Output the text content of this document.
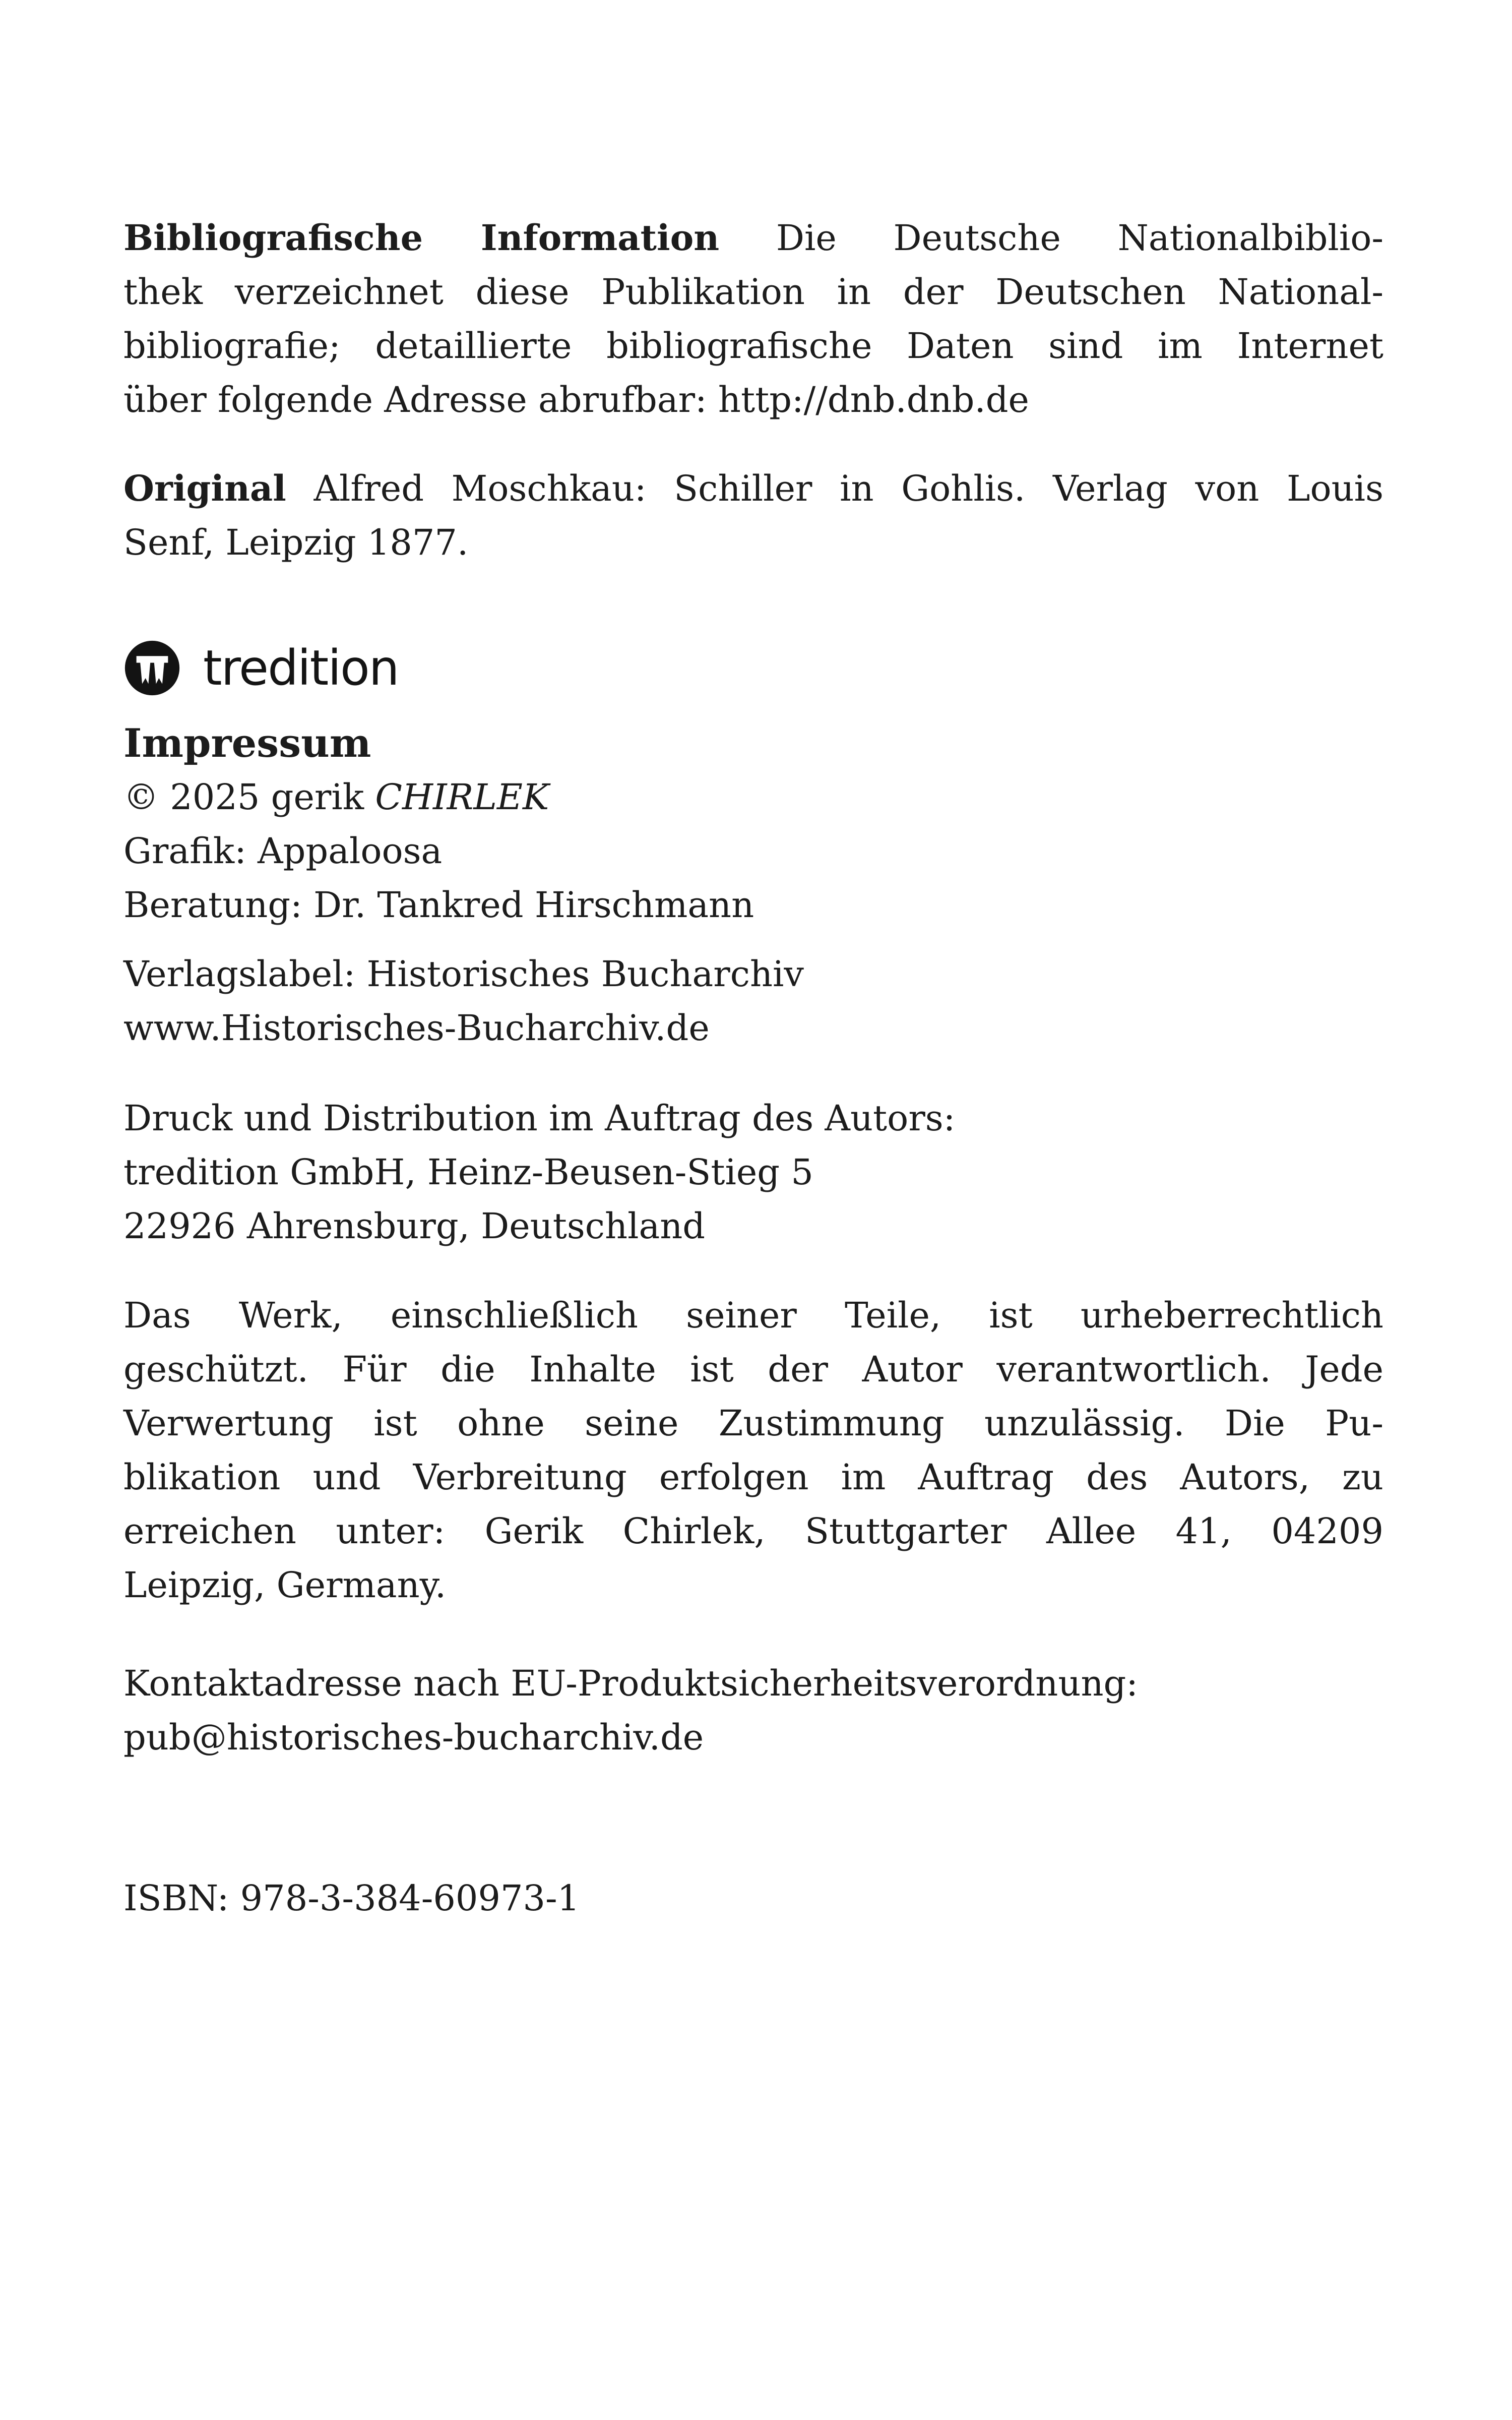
Bibliografische Information Die Deutsche Nationalbiblio-
thek verzeichnet diese Publikation in der Deutschen National-
bibliografie; detaillierte bibliografische Daten sind im Internet
über folgende Adresse abrufbar: http://dnb.dnb.de
Original Alfred Moschkau: Schiller in Gohlis. Verlag von Louis
Senf, Leipzig 1877.
tredition
Impressum
© 2025 gerik CHIRLEK
Grafik: Appaloosa
Beratung: Dr. Tankred Hirschmann
Verlagslabel: Historisches Bucharchiv
www.Historisches-Bucharchiv.de
Druck und Distribution im Auftrag des Autors:
tredition GmbH, Heinz-Beusen-Stieg 5
22926 Ahrensburg, Deutschland
Das Werk, einschließlich seiner Teile, ist urheberrechtlich
geschützt. Für die Inhalte ist der Autor verantwortlich. Jede
Verwertung ist ohne seine Zustimmung unzulässig. Die Pu-
blikation und Verbreitung erfolgen im Auftrag des Autors, zu
erreichen unter: Gerik Chirlek, Stuttgarter Allee 41, 04209
Leipzig, Germany.
Kontaktadresse nach EU-Produktsicherheitsverordnung:
pub@historisches-bucharchiv.de
ISBN: 978-3-384-60973-1
